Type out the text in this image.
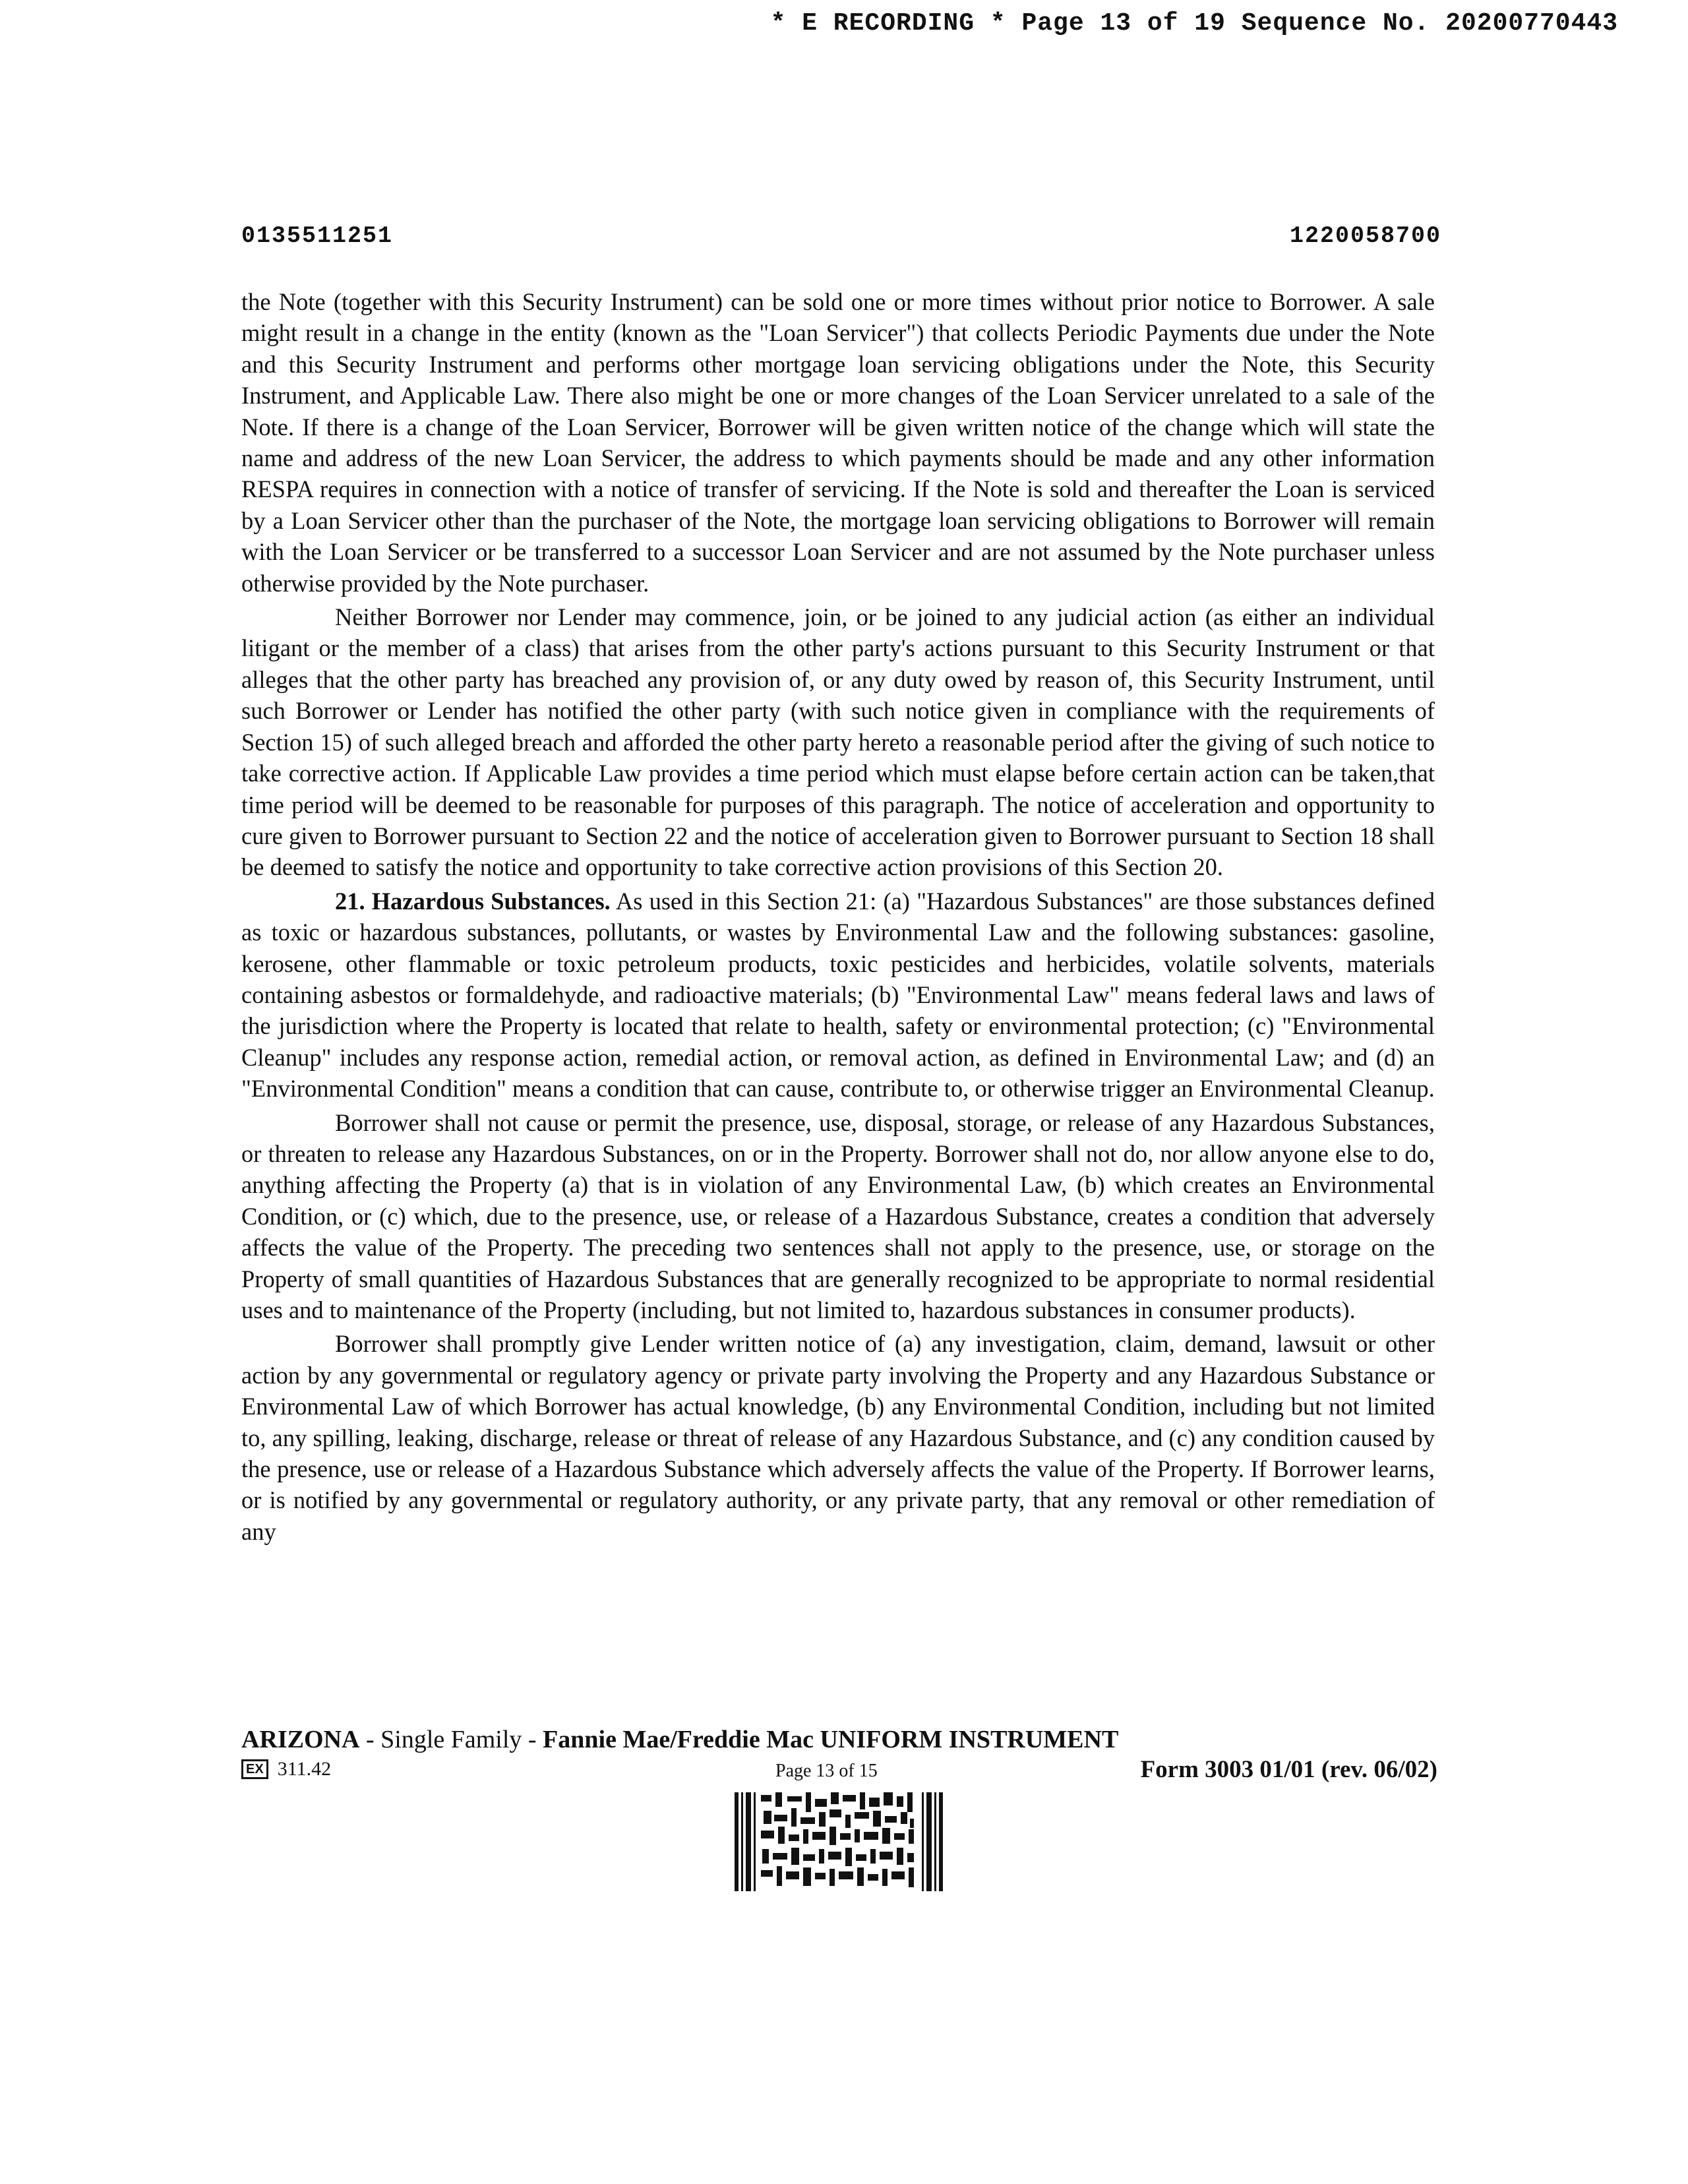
* E RECORDING * Page 13 of 19 Sequence No. 20200770443
0135511251	1220058700

the Note (together with this Security Instrument) can be sold one or more times without prior notice to Borrower. A sale might result in a change in the entity (known as the "Loan Servicer") that collects Periodic Payments due under the Note and this Security Instrument and performs other mortgage loan servicing obligations under the Note, this Security Instrument, and Applicable Law. There also might be one or more changes of the Loan Servicer unrelated to a sale of the Note. If there is a change of the Loan Servicer, Borrower will be given written notice of the change which will state the name and address of the new Loan Servicer, the address to which payments should be made and any other information RESPA requires in connection with a notice of transfer of servicing. If the Note is sold and thereafter the Loan is serviced by a Loan Servicer other than the purchaser of the Note, the mortgage loan servicing obligations to Borrower will remain with the Loan Servicer or be transferred to a successor Loan Servicer and are not assumed by the Note purchaser unless otherwise provided by the Note purchaser.

Neither Borrower nor Lender may commence, join, or be joined to any judicial action (as either an individual litigant or the member of a class) that arises from the other party's actions pursuant to this Security Instrument or that alleges that the other party has breached any provision of, or any duty owed by reason of, this Security Instrument, until such Borrower or Lender has notified the other party (with such notice given in compliance with the requirements of Section 15) of such alleged breach and afforded the other party hereto a reasonable period after the giving of such notice to take corrective action. If Applicable Law provides a time period which must elapse before certain action can be taken,that time period will be deemed to be reasonable for purposes of this paragraph. The notice of acceleration and opportunity to cure given to Borrower pursuant to Section 22 and the notice of acceleration given to Borrower pursuant to Section 18 shall be deemed to satisfy the notice and opportunity to take corrective action provisions of this Section 20.

21. Hazardous Substances. As used in this Section 21: (a) "Hazardous Substances" are those substances defined as toxic or hazardous substances, pollutants, or wastes by Environmental Law and the following substances: gasoline, kerosene, other flammable or toxic petroleum products, toxic pesticides and herbicides, volatile solvents, materials containing asbestos or formaldehyde, and radioactive materials; (b) "Environmental Law" means federal laws and laws of the jurisdiction where the Property is located that relate to health, safety or environmental protection; (c) "Environmental Cleanup" includes any response action, remedial action, or removal action, as defined in Environmental Law; and (d) an "Environmental Condition" means a condition that can cause, contribute to, or otherwise trigger an Environmental Cleanup.

Borrower shall not cause or permit the presence, use, disposal, storage, or release of any Hazardous Substances, or threaten to release any Hazardous Substances, on or in the Property. Borrower shall not do, nor allow anyone else to do, anything affecting the Property (a) that is in violation of any Environmental Law, (b) which creates an Environmental Condition, or (c) which, due to the presence, use, or release of a Hazardous Substance, creates a condition that adversely affects the value of the Property. The preceding two sentences shall not apply to the presence, use, or storage on the Property of small quantities of Hazardous Substances that are generally recognized to be appropriate to normal residential uses and to maintenance of the Property (including, but not limited to, hazardous substances in consumer products).

Borrower shall promptly give Lender written notice of (a) any investigation, claim, demand, lawsuit or other action by any governmental or regulatory agency or private party involving the Property and any Hazardous Substance or Environmental Law of which Borrower has actual knowledge, (b) any Environmental Condition, including but not limited to, any spilling, leaking, discharge, release or threat of release of any Hazardous Substance, and (c) any condition caused by the presence, use or release of a Hazardous Substance which adversely affects the value of the Property. If Borrower learns, or is notified by any governmental or regulatory authority, or any private party, that any removal or other remediation of any

ARIZONA - Single Family - Fannie Mae/Freddie Mac UNIFORM INSTRUMENT
EX 311.42	Page 13 of 15	Form 3003 01/01 (rev. 06/02)
